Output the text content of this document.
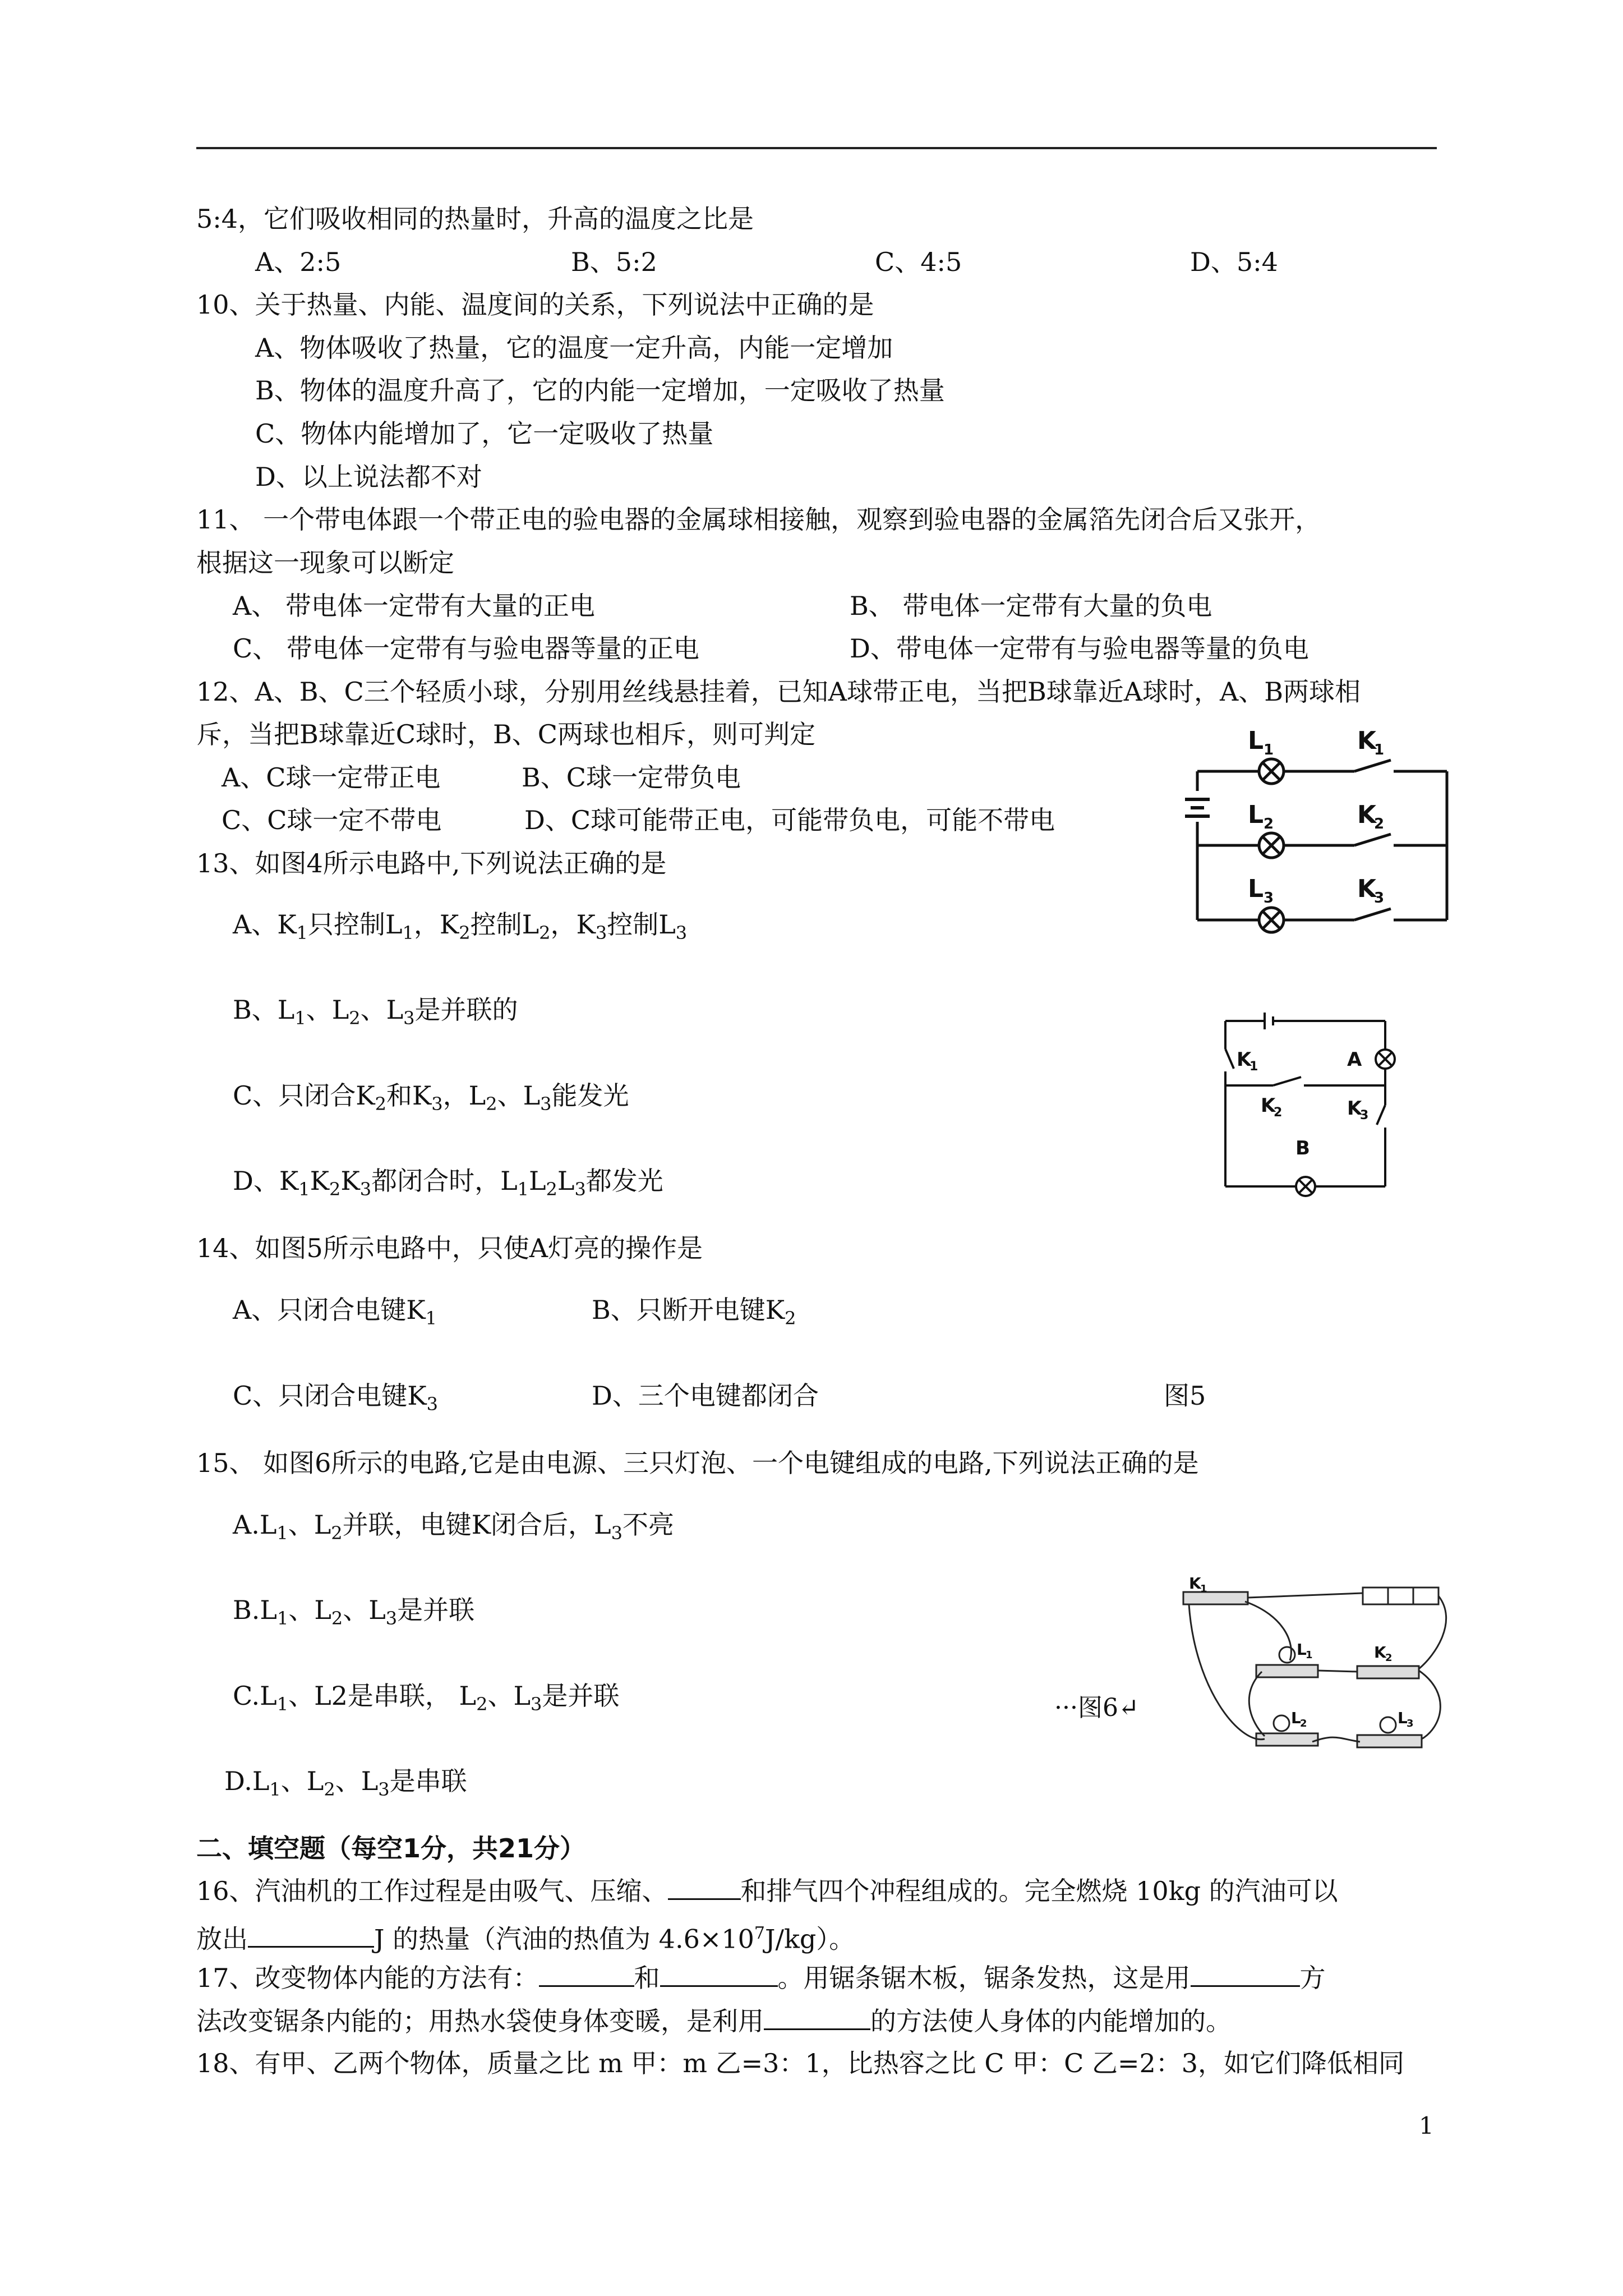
5:4，它们吸收相同的热量时，升高的温度之比是
A、2:5	B、5:2	C、4:5	D、5:4
10、关于热量、内能、温度间的关系，下列说法中正确的是
A、物体吸收了热量，它的温度一定升高，内能一定增加
B、物体的温度升高了，它的内能一定增加，一定吸收了热量
C、物体内能增加了，它一定吸收了热量
D、以上说法都不对
11、 一个带电体跟一个带正电的验电器的金属球相接触，观察到验电器的金属箔先闭合后又张开，
根据这一现象可以断定
A、 带电体一定带有大量的正电	B、 带电体一定带有大量的负电
C、 带电体一定带有与验电器等量的正电	D、带电体一定带有与验电器等量的负电
12、A、B、C三个轻质小球，分别用丝线悬挂着，已知A球带正电，当把B球靠近A球时，A、B两球相
斥，当把B球靠近C球时，B、C两球也相斥，则可判定
A、C球一定带正电	B、C球一定带负电
C、C球一定不带电	D、C球可能带正电，可能带负电，可能不带电
13、如图4所示电路中,下列说法正确的是
A、$K_1$只控制$L_1$，$K_2$控制$L_2$，$K_3$控制$L_3$
B、$L_1$、$L_2$、$L_3$是并联的
C、只闭合$K_2$和$K_3$，$L_2$、$L_3$能发光
D、$K_1K_2K_3$都闭合时，$L_1L_2L_3$都发光
14、如图5所示电路中，只使A灯亮的操作是
A、只闭合电键$K_1$	B、只断开电键$K_2$
C、只闭合电键$K_3$	D、三个电键都闭合	图5
15、 如图6所示的电路,它是由电源、三只灯泡、一个电键组成的电路,下列说法正确的是
$A.L_1$、$L_2$并联，电键K闭合后，$L_3$不亮
$B.L_1$、$L_2$、$L_3$是并联
$C.L_1$、L2是串联， $L_2$、$L_3$是并联
$D.L_1$、$L_2$、$L_3$是串联
二、填空题（每空1分，共21分）
16、汽油机的工作过程是由吸气、压缩、	和排气四个冲程组成的。完全燃烧 10kg 的汽油可以
放出	J 的热量（汽油的热值为 $4.6\times 10^7J/kg$）。
17、改变物体内能的方法有：	和	。用锯条锯木板，锯条发热，这是用	方
法改变锯条内能的；用热水袋使身体变暖，是利用	的方法使人身体的内能增加的。
18、有甲、乙两个物体，质量之比 m 甲：m 乙=3：1，比热容之比 C 甲：C 乙=2：3，如它们降低相同
1
L 1	K
1
L 2	K
2
L 3	K
3
K
1	A
K
2	K
3
B
···图6↵
K
1
L
1	K
2
L
2	L
3
